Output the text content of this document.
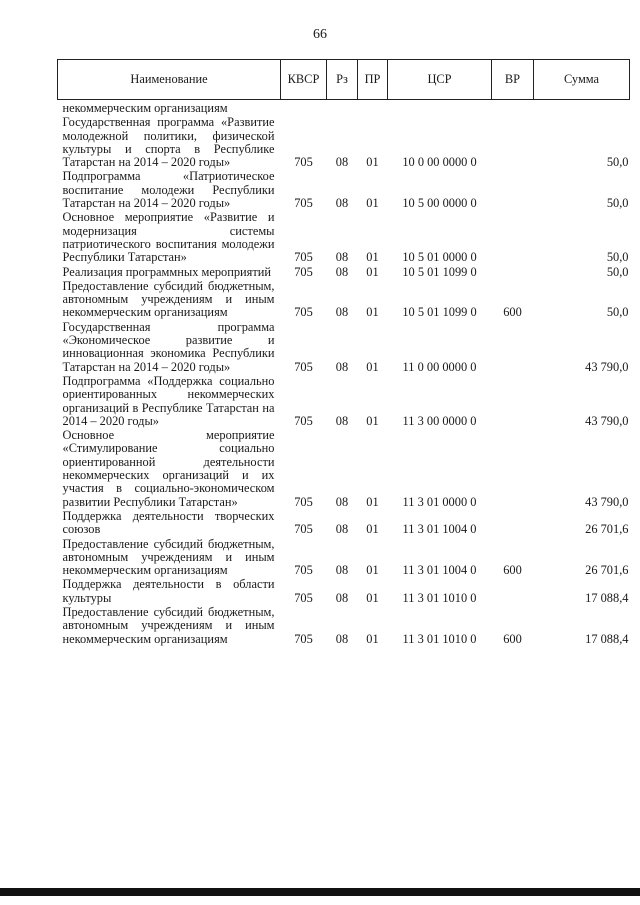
66
Наименование	КВСР	Рз	ПР	ЦСР	ВР	Сумма
некоммерческим организациям						
Государственная программа «Развитие молодежной политики, физической культуры и спорта в Республике Татарстан на 2014 – 2020 годы»	705	08	01	10 0 00 0000 0		50,0
Подпрограмма «Патриотическое воспитание молодежи Республики Татарстан на 2014 – 2020 годы»	705	08	01	10 5 00 0000 0		50,0
Основное мероприятие «Развитие и модернизация системы патриотического воспитания молодежи Республики Татарстан»	705	08	01	10 5 01 0000 0		50,0
Реализация программных мероприятий	705	08	01	10 5 01 1099 0		50,0
Предоставление субсидий бюджетным, автономным учреждениям и иным некоммерческим организациям	705	08	01	10 5 01 1099 0	600	50,0
Государственная программа «Экономическое развитие и инновационная экономика Республики Татарстан на 2014 – 2020 годы»	705	08	01	11 0 00 0000 0		43 790,0
Подпрограмма «Поддержка социально ориентированных некоммерческих организаций в Республике Татарстан на 2014 – 2020 годы»	705	08	01	11 3 00 0000 0		43 790,0
Основное мероприятие «Стимулирование социально ориентированной деятельности некоммерческих организаций и их участия в социально-экономическом развитии Республики Татарстан»	705	08	01	11 3 01 0000 0		43 790,0
Поддержка деятельности творческих союзов	705	08	01	11 3 01 1004 0		26 701,6
Предоставление субсидий бюджетным, автономным учреждениям и иным некоммерческим организациям	705	08	01	11 3 01 1004 0	600	26 701,6
Поддержка деятельности в области культуры	705	08	01	11 3 01 1010 0		17 088,4
Предоставление субсидий бюджетным, автономным учреждениям и иным некоммерческим организациям	705	08	01	11 3 01 1010 0	600	17 088,4
